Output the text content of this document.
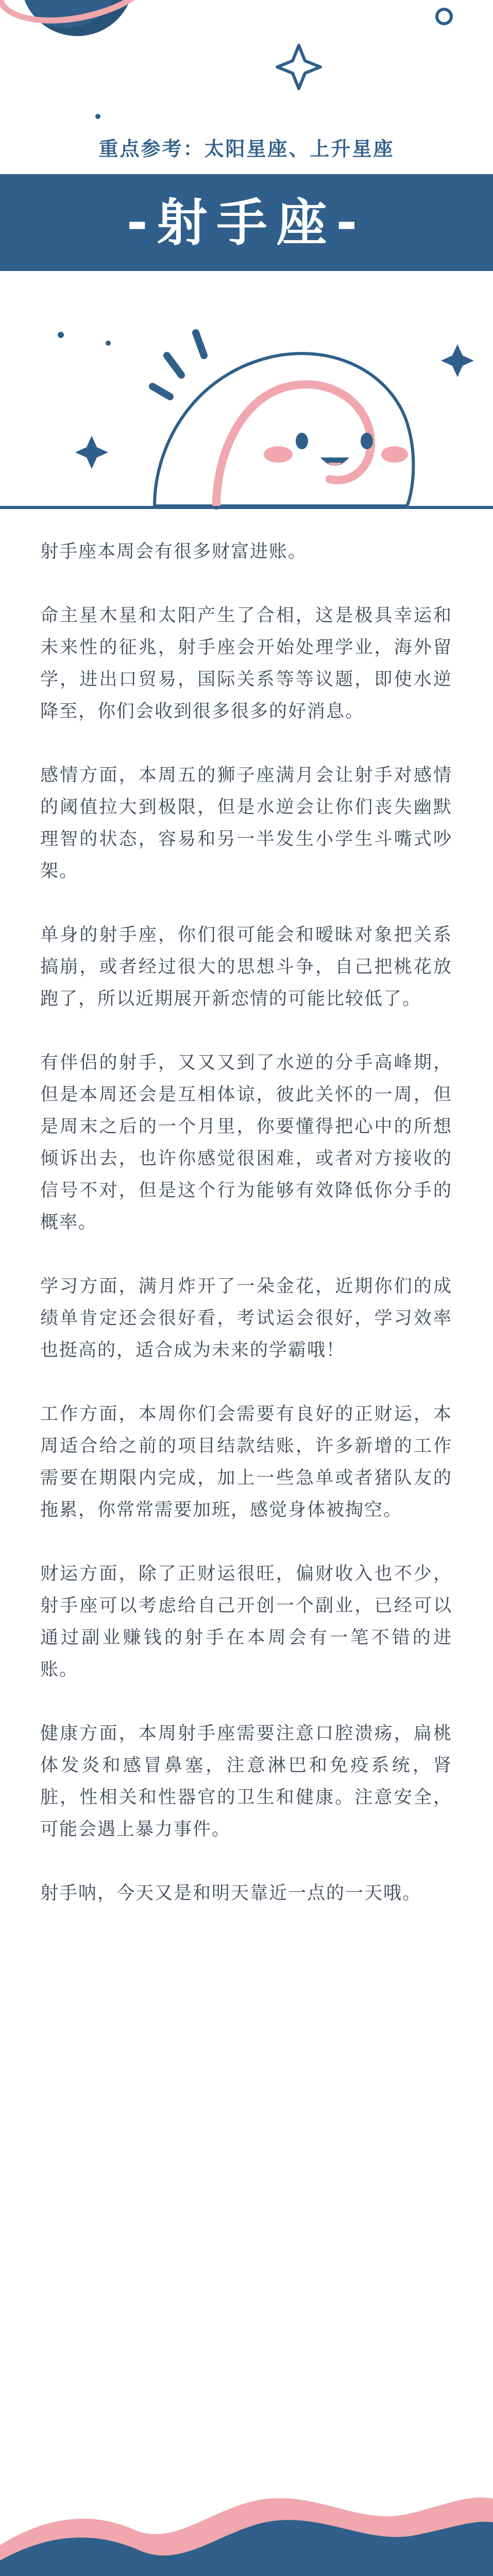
重点参考：太阳星座、上升星座
-射手座-

射手座本周会有很多财富进账。

命主星木星和太阳产生了合相，这是极具幸运和未来性的征兆，射手座会开始处理学业，海外留学，进出口贸易，国际关系等等议题，即使水逆降至，你们会收到很多很多的好消息。

感情方面，本周五的狮子座满月会让射手对感情的阈值拉大到极限，但是水逆会让你们丧失幽默理智的状态，容易和另一半发生小学生斗嘴式吵架。

单身的射手座，你们很可能会和暧昧对象把关系搞崩，或者经过很大的思想斗争，自己把桃花放跑了，所以近期展开新恋情的可能比较低了。

有伴侣的射手，又又又到了水逆的分手高峰期，但是本周还会是互相体谅，彼此关怀的一周，但是周末之后的一个月里，你要懂得把心中的所想倾诉出去，也许你感觉很困难，或者对方接收的信号不对，但是这个行为能够有效降低你分手的概率。

学习方面，满月炸开了一朵金花，近期你们的成绩单肯定还会很好看，考试运会很好，学习效率也挺高的，适合成为未来的学霸哦！

工作方面，本周你们会需要有良好的正财运，本周适合给之前的项目结款结账，许多新增的工作需要在期限内完成，加上一些急单或者猪队友的拖累，你常常需要加班，感觉身体被掏空。

财运方面，除了正财运很旺，偏财收入也不少，射手座可以考虑给自己开创一个副业，已经可以通过副业赚钱的射手在本周会有一笔不错的进账。

健康方面，本周射手座需要注意口腔溃疡，扁桃体发炎和感冒鼻塞，注意淋巴和免疫系统，肾脏，性相关和性器官的卫生和健康。注意安全，可能会遇上暴力事件。

射手呐，今天又是和明天靠近一点的一天哦。
